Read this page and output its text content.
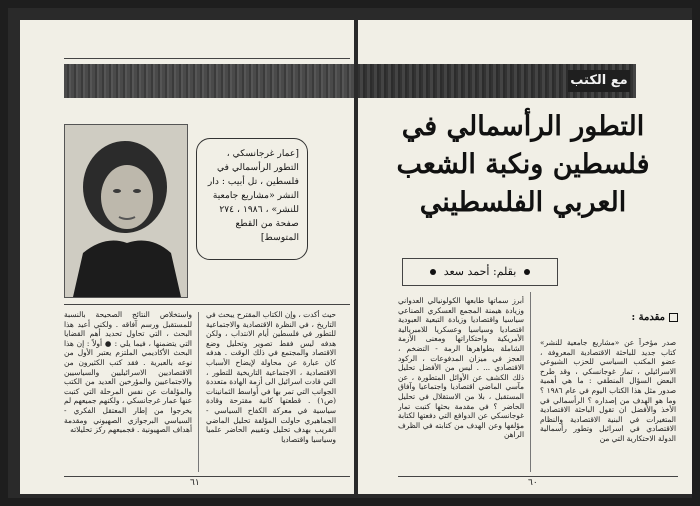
[عمار غرجانسكي ، التطور الرأسمالي في فلسطين ، تل أبيب : دار النشر «مشاريع جامعية للنشر» ، ١٩٨٦ ، ٢٧٤ صفحة من القطع المتوسط]
حيث أكدت ، وإن الكتاب المقترح يبحث في التاريخ ، في النظرة الاقتصادية والاجتماعية للتطور في فلسطين أيام الانتداب ، ولكن هدفه ليس فقط تصوير وتحليل وضع الاقتصاد والمجتمع في ذلك الوقت . هدفه كان عبارة عن محاولة لإيضاح الأسباب الاقتصادية ، الاجتماعية التاريخية للتطور ، التي قادت اسرائيل الى أزمة الهادة متعددة الجوانب التي تمر بها في أواسط الثمانينات (ص١) . قطعتها كانية مقترحة وقادة سياسية في معركة الكفاح السياسي - الجماهيري حاولت المؤلفة تحليل الماضي القريب بهدف تحليل وتقييم الحاضر علميا وسياسيا واقتصاديا
واستخلاص النتائج الصحيحة بالنسبة للمستقبل ورسم آفاقه . ولكني أعيد هذا البحث ، التي تحاول تحديد أهم القضايا التي يتضمنها ، فيما يلي : ● أولاً : إن هذا البحث الأكاديمي الملتزم يعتبر الأول من نوعه بالعبرية . فقد كتب الكثيرون من الاقتصاديين الاسرائيليين والسياسيين والاجتماعيين والمؤرخين العديد من الكتب والمؤلفات عن نفس المرحلة التي كتبت عنها عمار غرجانسكي ، ولكنهم جميعهم لم يخرجوا من إطار المعتقل الفكري - السياسي البرجوازي الصهيوني ومقدمة أهداف الصهيونية . فجميعهم ركز تحليلاته
٦١
مع الكتب
التطور الرأسمالي في
فلسطين ونكبة الشعب
العربي الفلسطيني
بقلم: أحمد سعد
مقدمة :
صدر مؤخراً عن «مشاريع جامعية للنشر» كتاب جديد للباحثة الاقتصادية المعروفة ، عضو المكتب السياسي للحزب الشيوعي الاسرائيلي ، تمار غوجانسكي ، وقد طرح البعض السؤال المنطقي : ما هي أهمية صدور مثل هذا الكتاب اليوم في عام ١٩٨٦ ؟ وما هو الهدف من إصداره ؟ الرأسمالي في الأخذ والأفضل ان تقول الباحثة الاقتصادية المتغيرات في البنية الاقتصادية والنظام الاقتصادي في اسرائيل وتطور رأسمالية الدولة الاحتكارية التي من
أبرز سماتها طابعها الكولونيالي العدواني وزيادة هيمنة المجمع العسكري الصناعي سياسيا واقتصاديا وزيادة التبعية العبودية اقتصاديا وسياسيا وعسكريا للامبريالية الأمريكية واحتكاراتها ومعنى الأزمة الشاملة بطواهرها الرمة - التضخم ، العجز في ميزان المدفوعات ، الركود الاقتصادي ... . ليس من الأفضل تحليل ذلك الكشف عن الأوائل المتطورة ، عن مآسي الماضي اقتصاديا واجتماعيا وآفاق المستقبل ، بلا من الاستقلال في تحليل الحاضر ؟ في مقدمة بحثها كتبت تمار غوجانسكي عن الدوافع التي دفعتها لكتابة مؤلفها وعن الهدف من كتابته في الظرف الراهن
٦٠
